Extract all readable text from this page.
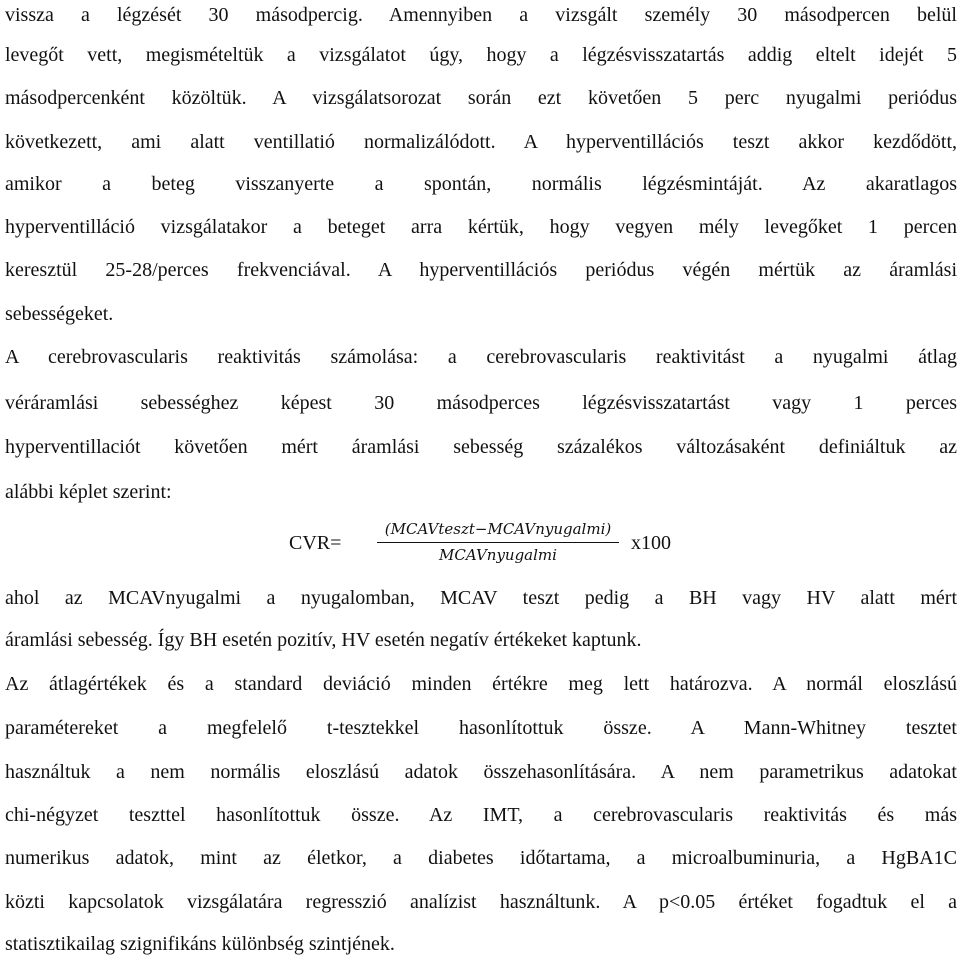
vissza a légzését 30 másodpercig. Amennyiben a vizsgált személy 30 másodpercen belül
levegőt vett, megismételtük a vizsgálatot úgy, hogy a légzésvisszatartás addig eltelt idejét 5
másodpercenként közöltük. A vizsgálatsorozat során ezt követően 5 perc nyugalmi periódus
következett, ami alatt ventillatió normalizálódott. A hyperventillációs teszt akkor kezdődött,
amikor a beteg visszanyerte a spontán, normális légzésmintáját. Az akaratlagos
hyperventilláció vizsgálatakor a beteget arra kértük, hogy vegyen mély levegőket 1 percen
keresztül 25-28/perces frekvenciával. A hyperventillációs periódus végén mértük az áramlási
sebességeket.
A cerebrovascularis reaktivitás számolása: a cerebrovascularis reaktivitást a nyugalmi átlag
véráramlási sebességhez képest 30 másodperces légzésvisszatartást vagy 1 perces
hyperventillaciót követően mért áramlási sebesség százalékos változásaként definiáltuk az
alábbi képlet szerint:
CVR=
(MCAVteszt−MCAVnyugalmi)
MCAVnyugalmi
x100
ahol az MCAVnyugalmi a nyugalomban, MCAV teszt pedig a BH vagy HV alatt mért
áramlási sebesség. Így BH esetén pozitív, HV esetén negatív értékeket kaptunk.
Az átlagértékek és a standard deviáció minden értékre meg lett határozva. A normál eloszlású
paramétereket a megfelelő t-tesztekkel hasonlítottuk össze. A Mann-Whitney tesztet
használtuk a nem normális eloszlású adatok összehasonlítására. A nem parametrikus adatokat
chi-négyzet teszttel hasonlítottuk össze. Az IMT, a cerebrovascularis reaktivitás és más
numerikus adatok, mint az életkor, a diabetes időtartama, a microalbuminuria, a HgBA1C
közti kapcsolatok vizsgálatára regresszió analízist használtunk. A p<0.05 értéket fogadtuk el a
statisztikailag szignifikáns különbség szintjének.
